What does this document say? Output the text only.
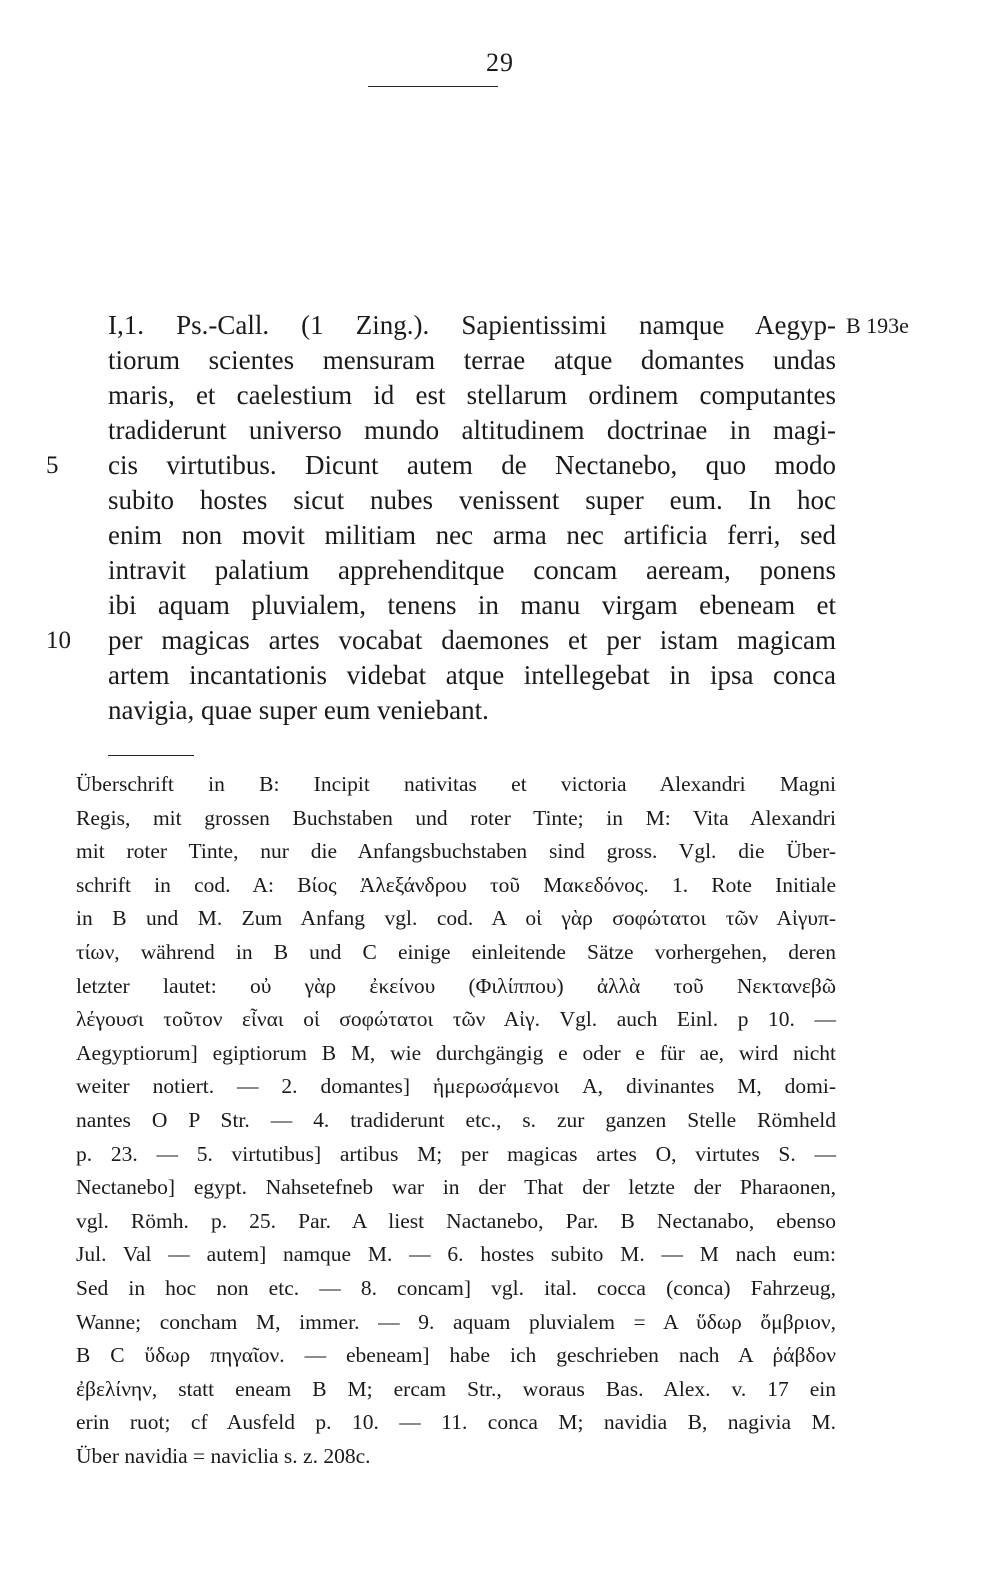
29
I,1. Ps.-Call. (1 Zing.). Sapientissimi namque Aegyp- B 193e
tiorum scientes mensuram terrae atque domantes undas
maris, et caelestium id est stellarum ordinem computantes
tradiderunt universo mundo altitudinem doctrinae in magi-
5	cis virtutibus. Dicunt autem de Nectanebo, quo modo
subito hostes sicut nubes venissent super eum. In hoc
enim non movit militiam nec arma nec artificia ferri, sed
intravit palatium apprehenditque concam aeream, ponens
ibi aquam pluvialem, tenens in manu virgam ebeneam et
10	per magicas artes vocabat daemones et per istam magicam
artem incantationis videbat atque intellegebat in ipsa conca
navigia, quae super eum veniebant.
Überschrift in B: Incipit nativitas et victoria Alexandri Magni
Regis, mit grossen Buchstaben und roter Tinte; in M: Vita Alexandri
mit roter Tinte, nur die Anfangsbuchstaben sind gross. Vgl. die Über-
schrift in cod. A: Βίος Ἀλεξάνδρου τοῦ Μακεδόνος. 1. Rote Initiale
in B und M. Zum Anfang vgl. cod. A οἱ γὰρ σοφώτατοι τῶν Αἰγυπ-
τίων, während in B und C einige einleitende Sätze vorhergehen, deren
letzter lautet: οὐ γὰρ ἐκείνου (Φιλίππου) ἀλλὰ τοῦ Νεκτανεβῶ
λέγουσι τοῦτον εἶναι οἱ σοφώτατοι τῶν Αἰγ. Vgl. auch Einl. p 10. —
Aegyptiorum] egiptiorum B M, wie durchgängig e oder e für ae, wird nicht
weiter notiert. — 2. domantes] ἡμερωσάμενοι A, divinantes M, domi-
nantes O P Str. — 4. tradiderunt etc., s. zur ganzen Stelle Römheld
p. 23. — 5. virtutibus] artibus M; per magicas artes O, virtutes S. —
Nectanebo] egypt. Nahsetefneb war in der That der letzte der Pharaonen,
vgl. Römh. p. 25. Par. A liest Nactanebo, Par. B Nectanabo, ebenso
Jul. Val — autem] namque M. — 6. hostes subito M. — M nach eum:
Sed in hoc non etc. — 8. concam] vgl. ital. cocca (conca) Fahrzeug,
Wanne; concham M, immer. — 9. aquam pluvialem = A ὕδωρ ὄμβριον,
B C ὕδωρ πηγαῖον. — ebeneam] habe ich geschrieben nach A ῥάβδον
ἐβελίνην, statt eneam B M; ercam Str., woraus Bas. Alex. v. 17 ein
erin ruot; cf Ausfeld p. 10. — 11. conca M; navidia B, nagivia M.
Über navidia = naviclia s. z. 208c.
